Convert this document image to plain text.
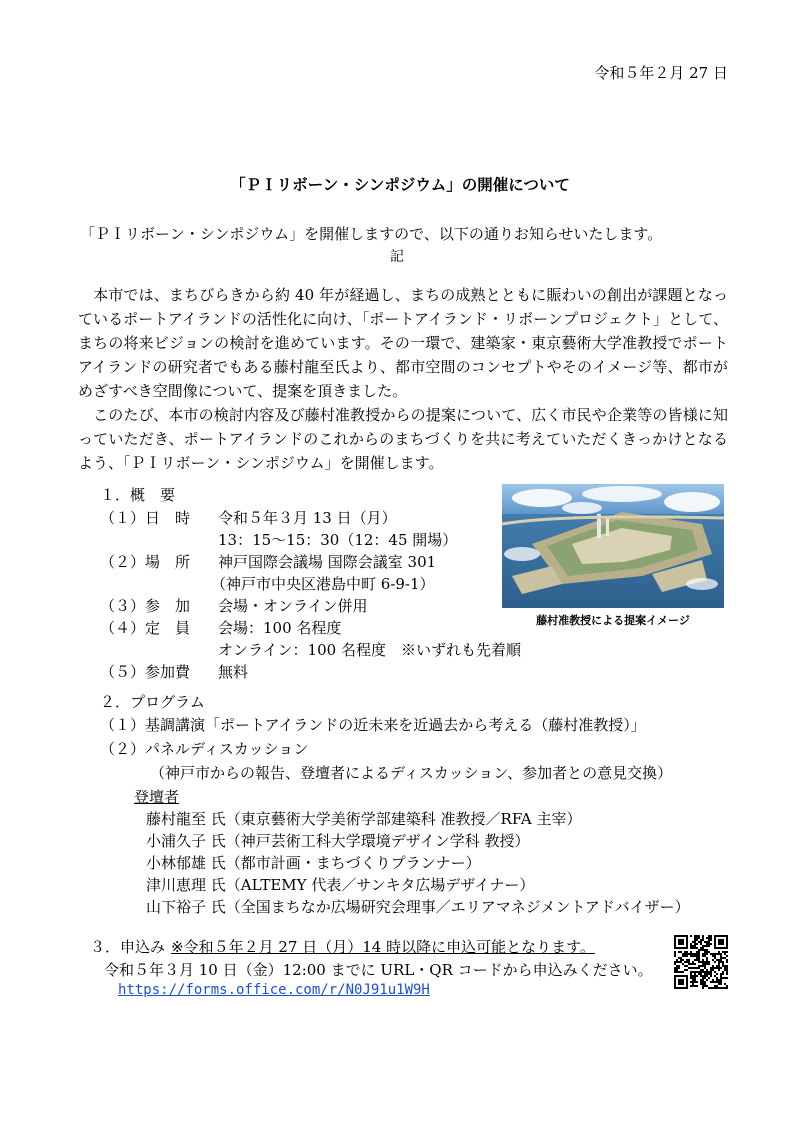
令和５年２月 27 日
「ＰＩリボーン・シンポジウム」の開催について
「ＰＩリボーン・シンポジウム」を開催しますので、以下の通りお知らせいたします。
記

　本市では、まちびらきから約 40 年が経過し、まちの成熟とともに賑わいの創出が課題となっているポートアイランドの活性化に向け、「ポートアイランド・リボーンプロジェクト」として、まちの将来ビジョンの検討を進めています。その一環で、建築家・東京藝術大学准教授でポートアイランドの研究者でもある藤村龍至氏より、都市空間のコンセプトやそのイメージ等、都市がめざすべき空間像について、提案を頂きました。

　このたび、本市の検討内容及び藤村准教授からの提案について、広く市民や企業等の皆様に知っていただき、ポートアイランドのこれからのまちづくりを共に考えていただくきっかけとなるよう、「ＰＩリボーン・シンポジウム」を開催します。

１．概　要
（１）日　時 令和５年３月 13 日（月）
13：15〜15：30（12：45 開場）
（２）場　所 神戸国際会議場 国際会議室 301
（神戸市中央区港島中町 6-9-1）
（３）参　加 会場・オンライン併用
（４）定　員 会場：100 名程度
オンライン：100 名程度　※いずれも先着順
（５）参加費 無料
藤村准教授による提案イメージ
２．プログラム
（１）基調講演「ポートアイランドの近未来を近過去から考える（藤村准教授）」
（２）パネルディスカッション
（神戸市からの報告、登壇者によるディスカッション、参加者との意見交換）
登壇者
藤村龍至 氏（東京藝術大学美術学部建築科 准教授／RFA 主宰）
小浦久子 氏（神戸芸術工科大学環境デザイン学科 教授）
小林郁雄 氏（都市計画・まちづくりプランナー）
津川恵理 氏（ALTEMY 代表／サンキタ広場デザイナー）
山下裕子 氏（全国まちなか広場研究会理事／エリアマネジメントアドバイザー）
３．申込み ※令和５年２月 27 日（月）14 時以降に申込可能となります。
令和５年３月 10 日（金）12:00 までに URL・QR コードから申込みください。
https://forms.office.com/r/N0J91u1W9H
